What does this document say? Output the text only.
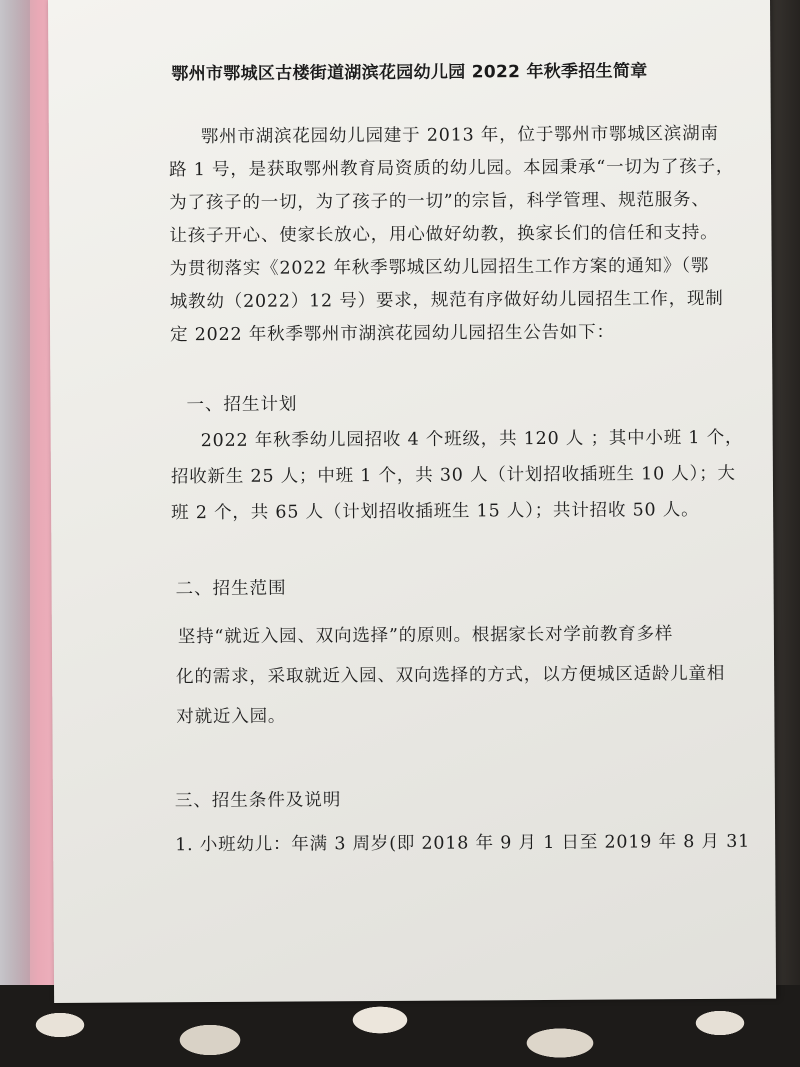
鄂州市鄂城区古楼街道湖滨花园幼儿园 2022 年秋季招生简章
鄂州市湖滨花园幼儿园建于 2013 年，位于鄂州市鄂城区滨湖南
路 1 号，是获取鄂州教育局资质的幼儿园。本园秉承“一切为了孩子，
为了孩子的一切，为了孩子的一切”的宗旨，科学管理、规范服务、
让孩子开心、使家长放心，用心做好幼教，换家长们的信任和支持。
为贯彻落实《2022 年秋季鄂城区幼儿园招生工作方案的通知》（鄂
城教幼（2022）12 号）要求，规范有序做好幼儿园招生工作，现制
定 2022 年秋季鄂州市湖滨花园幼儿园招生公告如下：
一、招生计划
2022 年秋季幼儿园招收 4 个班级，共 120 人 ；其中小班 1 个，
招收新生 25 人；中班 1 个，共 30 人（计划招收插班生 10 人）；大
班 2 个，共 65 人（计划招收插班生 15 人）；共计招收 50 人。
二、招生范围
坚持“就近入园、双向选择”的原则。根据家长对学前教育多样
化的需求，采取就近入园、双向选择的方式，以方便城区适龄儿童相
对就近入园。
三、招生条件及说明
1. 小班幼儿：年满 3 周岁(即 2018 年 9 月 1 日至 2019 年 8 月 31
